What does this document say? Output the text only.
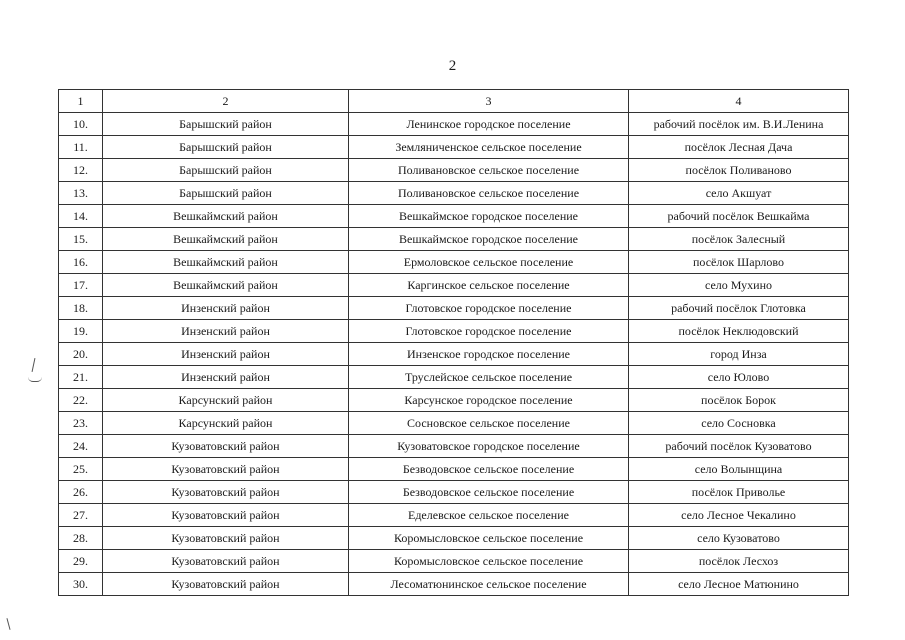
2
1	2	3	4
10.	Барышский район	Ленинское городское поселение	рабочий посёлок им. В.И.Ленина
11.	Барышский район	Земляниченское сельское поселение	посёлок Лесная Дача
12.	Барышский район	Поливановское сельское поселение	посёлок Поливаново
13.	Барышский район	Поливановское сельское поселение	село Акшуат
14.	Вешкаймский район	Вешкаймское городское поселение	рабочий посёлок Вешкайма
15.	Вешкаймский район	Вешкаймское городское поселение	посёлок Залесный
16.	Вешкаймский район	Ермоловское сельское поселение	посёлок Шарлово
17.	Вешкаймский район	Каргинское сельское поселение	село Мухино
18.	Инзенский район	Глотовское городское поселение	рабочий посёлок Глотовка
19.	Инзенский район	Глотовское городское поселение	посёлок Неклюдовский
20.	Инзенский район	Инзенское городское поселение	город Инза
21.	Инзенский район	Труслейское сельское поселение	село Юлово
22.	Карсунский район	Карсунское городское поселение	посёлок Борок
23.	Карсунский район	Сосновское сельское поселение	село Сосновка
24.	Кузоватовский район	Кузоватовское городское поселение	рабочий посёлок Кузоватово
25.	Кузоватовский район	Безводовское сельское поселение	село Волынщина
26.	Кузоватовский район	Безводовское сельское поселение	посёлок Приволье
27.	Кузоватовский район	Еделевское сельское поселение	село Лесное Чекалино
28.	Кузоватовский район	Коромысловское сельское поселение	село Кузоватово
29.	Кузоватовский район	Коромысловское сельское поселение	посёлок Лесхоз
30.	Кузоватовский район	Лесоматюнинское сельское поселение	село Лесное Матюнино
